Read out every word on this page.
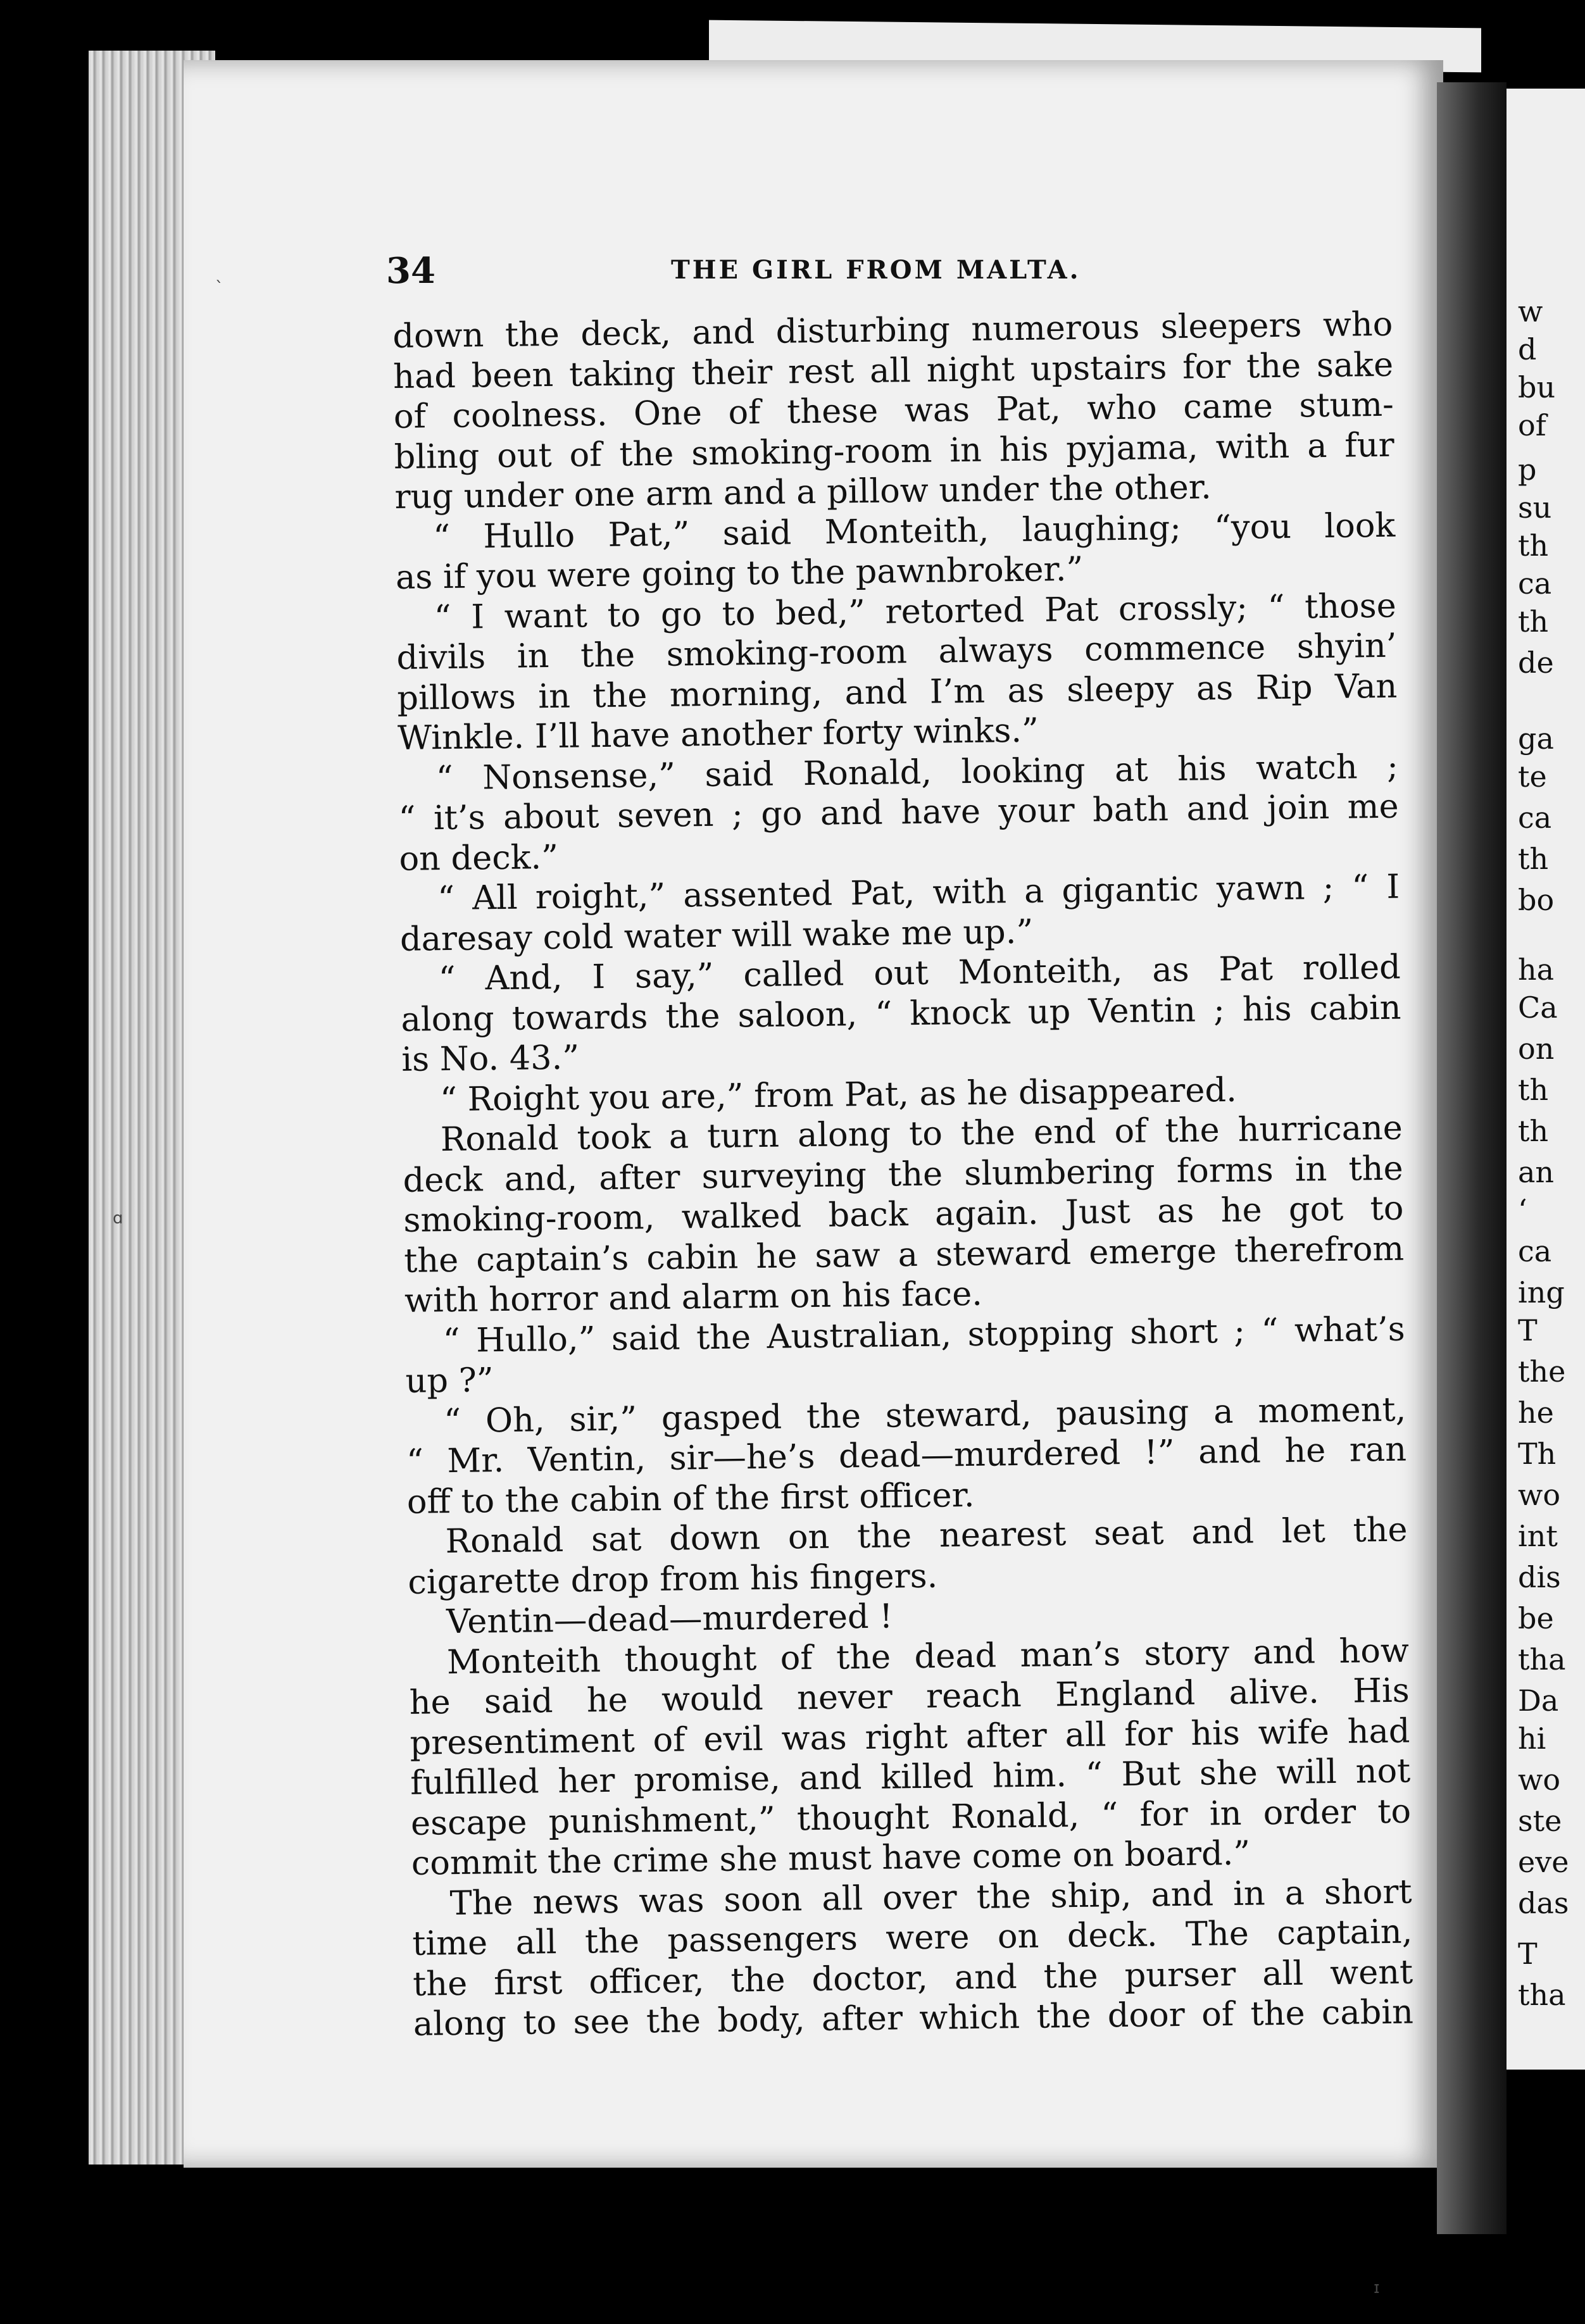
w
d
bu
of
p
su
th
ca
th
de
ga
te
ca
th
bo
ha
Ca
on
th
th
an
‘
ca
ing
T
the
he
Th
wo
int
dis
be
tha
Da
hi
wo
ste
eve
das
T
tha
34	THE GIRL FROM MALTA.
down the deck, and disturbing numerous sleepers who
had been taking their rest all night upstairs for the sake
of coolness. One of these was Pat, who came stum-
bling out of the smoking-room in his pyjama, with a fur
rug under one arm and a pillow under the other.
“ Hullo Pat,” said Monteith, laughing; “you look
as if you were going to the pawnbroker.”
“ I want to go to bed,” retorted Pat crossly; “ those
divils in the smoking-room always commence shyin’
pillows in the morning, and I’m as sleepy as Rip Van
Winkle. I’ll have another forty winks.”
“ Nonsense,” said Ronald, looking at his watch ;
“ it’s about seven ; go and have your bath and join me
on deck.”
“ All roight,” assented Pat, with a gigantic yawn ; “ I
daresay cold water will wake me up.”
“ And, I say,” called out Monteith, as Pat rolled
along towards the saloon, “ knock up Ventin ; his cabin
is No. 43.”
“ Roight you are,” from Pat, as he disappeared.
Ronald took a turn along to the end of the hurricane
deck and, after surveying the slumbering forms in the
smoking-room, walked back again. Just as he got to
the captain’s cabin he saw a steward emerge therefrom
with horror and alarm on his face.
“ Hullo,” said the Australian, stopping short ; “ what’s
up ?”
“ Oh, sir,” gasped the steward, pausing a moment,
“ Mr. Ventin, sir—he’s dead—murdered !” and he ran
off to the cabin of the first officer.
Ronald sat down on the nearest seat and let the
cigarette drop from his fingers.
Ventin—dead—murdered !
Monteith thought of the dead man’s story and how
he said he would never reach England alive. His
presentiment of evil was right after all for his wife had
fulfilled her promise, and killed him. “ But she will not
escape punishment,” thought Ronald, “ for in order to
commit the crime she must have come on board.”
The news was soon all over the ship, and in a short
time all the passengers were on deck. The captain,
the first officer, the doctor, and the purser all went
along to see the body, after which the door of the cabin
ˎ
ɑ
ɪ
